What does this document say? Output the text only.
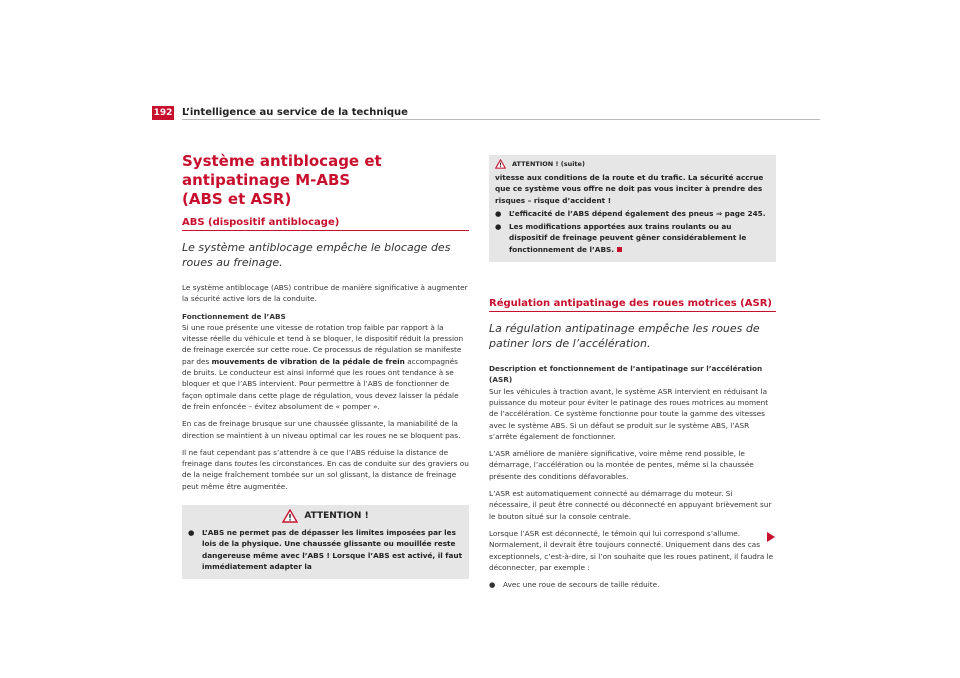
192 L’intelligence au service de la technique
Système antiblocage et antipatinage M-ABS
(ABS et ASR)
ABS (dispositif antiblocage)
Le système antiblocage empêche le blocage des roues au freinage.

Le système antiblocage (ABS) contribue de manière significative à augmenter la sécurité active lors de la conduite.

Fonctionnement de l’ABS

Si une roue présente une vitesse de rotation trop faible par rapport à la vitesse réelle du véhicule et tend à se bloquer, le dispositif réduit la pression de freinage exercée sur cette roue. Ce processus de régulation se manifeste par des mouvements de vibration de la pédale de frein accompagnés de bruits. Le conducteur est ainsi informé que les roues ont tendance à se bloquer et que l’ABS intervient. Pour permettre à l’ABS de fonctionner de façon optimale dans cette plage de régulation, vous devez laisser la pédale de frein enfoncée – évitez absolument de « pomper ».

En cas de freinage brusque sur une chaussée glissante, la maniabilité de la direction se maintient à un niveau optimal car les roues ne se bloquent pas.

Il ne faut cependant pas s’attendre à ce que l’ABS réduise la distance de freinage dans toutes les circonstances. En cas de conduite sur des graviers ou de la neige fraîchement tombée sur un sol glissant, la distance de freinage peut même être augmentée.

ATTENTION !

● L’ABS ne permet pas de dépasser les limites imposées par les lois de la physique. Une chaussée glissante ou mouillée reste dangereuse même avec l’ABS ! Lorsque l’ABS est activé, il faut immédiatement adapter la

ATTENTION ! (suite)

vitesse aux conditions de la route et du trafic. La sécurité accrue que ce système vous offre ne doit pas vous inciter à prendre des risques – risque d’accident !

● L’efficacité de l’ABS dépend également des pneus ⇒ page 245.

● Les modifications apportées aux trains roulants ou au dispositif de freinage peuvent gêner considérablement le fonctionnement de l’ABS.

Régulation antipatinage des roues motrices (ASR)
La régulation antipatinage empêche les roues de patiner lors de l’accélération.

Description et fonctionnement de l’antipatinage sur l’accélération (ASR)

Sur les véhicules à traction avant, le système ASR intervient en réduisant la puissance du moteur pour éviter le patinage des roues motrices au moment de l’accélération. Ce système fonctionne pour toute la gamme des vitesses avec le système ABS. Si un défaut se produit sur le système ABS, l’ASR s’arrête également de fonctionner.

L’ASR améliore de manière significative, voire même rend possible, le démarrage, l’accélération ou la montée de pentes, même si la chaussée présente des conditions défavorables.

L’ASR est automatiquement connecté au démarrage du moteur. Si nécessaire, il peut être connecté ou déconnecté en appuyant brièvement sur le bouton situé sur la console centrale.

Lorsque l’ASR est déconnecté, le témoin qui lui correspond s’allume. Normalement, il devrait être toujours connecté. Uniquement dans des cas exceptionnels, c’est-à-dire, si l’on souhaite que les roues patinent, il faudra le déconnecter, par exemple :

● Avec une roue de secours de taille réduite.
